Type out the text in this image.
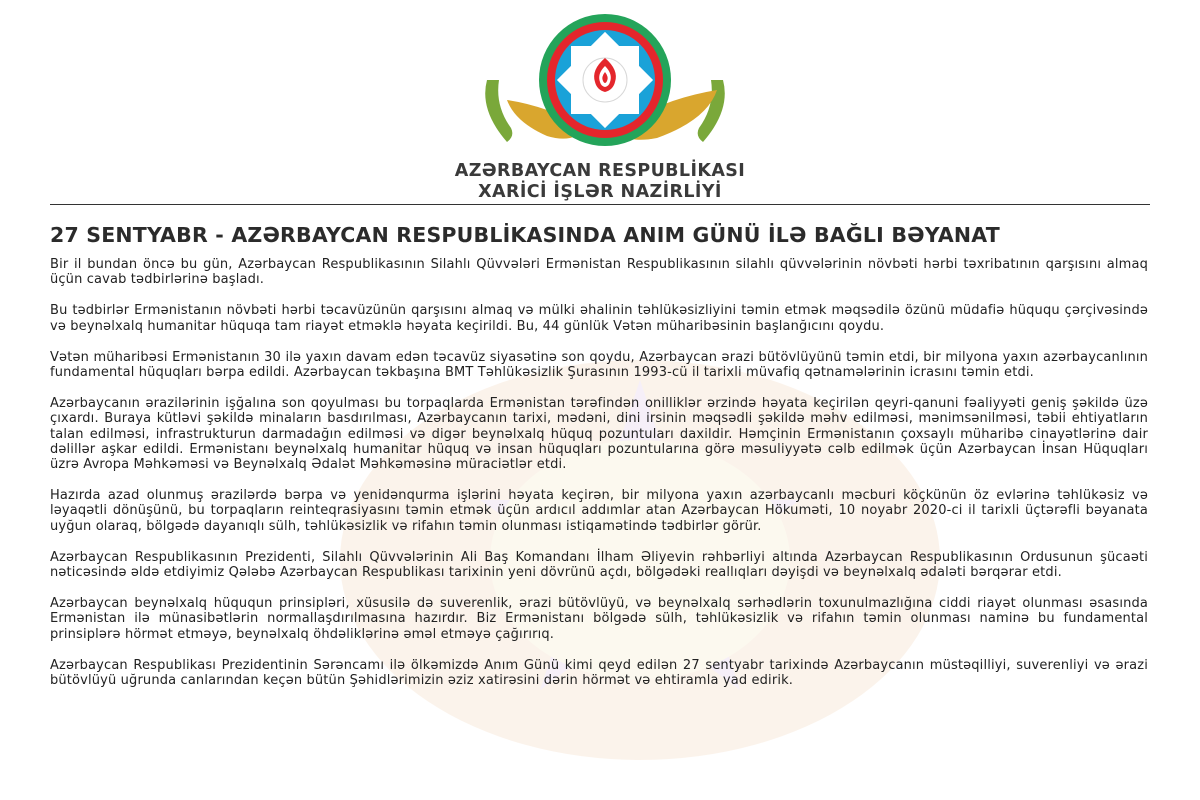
AZƏRBAYCAN RESPUBLİKASI
XARİCİ İŞLƏR NAZİRLİYİ
27 SENTYABR - AZƏRBAYCAN RESPUBLİKASINDA ANIM GÜNÜ İLƏ BAĞLI BƏYANAT

Bir il bundan öncə bu gün, Azərbaycan Respublikasının Silahlı Qüvvələri Ermənistan Respublikasının silahlı qüvvələrinin növbəti hərbi təxribatının qarşısını almaq üçün cavab tədbirlərinə başladı.

Bu tədbirlər Ermənistanın növbəti hərbi təcavüzünün qarşısını almaq və mülki əhalinin təhlükəsizliyini təmin etmək məqsədilə özünü müdafiə hüququ çərçivəsində və beynəlxalq humanitar hüquqa tam riayət etməklə həyata keçirildi. Bu, 44 günlük Vətən müharibəsinin başlanğıcını qoydu.

Vətən müharibəsi Ermənistanın 30 ilə yaxın davam edən təcavüz siyasətinə son qoydu, Azərbaycan ərazi bütövlüyünü təmin etdi, bir milyona yaxın azərbaycanlının fundamental hüquqları bərpa edildi. Azərbaycan təkbaşına BMT Təhlükəsizlik Şurasının 1993-cü il tarixli müvafiq qətnamələrinin icrasını təmin etdi.

Azərbaycanın ərazilərinin işğalına son qoyulması bu torpaqlarda Ermənistan tərəfindən onilliklər ərzində həyata keçirilən qeyri-qanuni fəaliyyəti geniş şəkildə üzə çıxardı. Buraya kütləvi şəkildə minaların basdırılması, Azərbaycanın tarixi, mədəni, dini irsinin məqsədli şəkildə məhv edilməsi, mənimsənilməsi, təbii ehtiyatların talan edilməsi, infrastrukturun darmadağın edilməsi və digər beynəlxalq hüquq pozuntuları daxildir. Həmçinin Ermənistanın çoxsaylı müharibə cinayətlərinə dair dəlillər aşkar edildi. Ermənistanı beynəlxalq humanitar hüquq və insan hüquqları pozuntularına görə məsuliyyətə cəlb edilmək üçün Azərbaycan İnsan Hüquqları üzrə Avropa Məhkəməsi və Beynəlxalq Ədalət Məhkəməsinə müraciətlər etdi.

Hazırda azad olunmuş ərazilərdə bərpa və yenidənqurma işlərini həyata keçirən, bir milyona yaxın azərbaycanlı məcburi köçkünün öz evlərinə təhlükəsiz və ləyaqətli dönüşünü, bu torpaqların reinteqrasiyasını təmin etmək üçün ardıcıl addımlar atan Azərbaycan Hökuməti, 10 noyabr 2020-ci il tarixli üçtərəfli bəyanata uyğun olaraq, bölgədə dayanıqlı sülh, təhlükəsizlik və rifahın təmin olunması istiqamətində tədbirlər görür.

Azərbaycan Respublikasının Prezidenti, Silahlı Qüvvələrinin Ali Baş Komandanı İlham Əliyevin rəhbərliyi altında Azərbaycan Respublikasının Ordusunun şücaəti nəticəsində əldə etdiyimiz Qələbə Azərbaycan Respublikası tarixinin yeni dövrünü açdı, bölgədəki reallıqları dəyişdi və beynəlxalq ədaləti bərqərar etdi.

Azərbaycan beynəlxalq hüququn prinsipləri, xüsusilə də suverenlik, ərazi bütövlüyü, və beynəlxalq sərhədlərin toxunulmazlığına ciddi riayət olunması əsasında Ermənistan ilə münasibətlərin normallaşdırılmasına hazırdır. Biz Ermənistanı bölgədə sülh, təhlükəsizlik və rifahın təmin olunması naminə bu fundamental prinsiplərə hörmət etməyə, beynəlxalq öhdəliklərinə əməl etməyə çağırırıq.

Azərbaycan Respublikası Prezidentinin Sərəncamı ilə ölkəmizdə Anım Günü kimi qeyd edilən 27 sentyabr tarixində Azərbaycanın müstəqilliyi, suverenliyi və ərazi bütövlüyü uğrunda canlarından keçən bütün Şəhidlərimizin əziz xatirəsini dərin hörmət və ehtiramla yad edirik.
